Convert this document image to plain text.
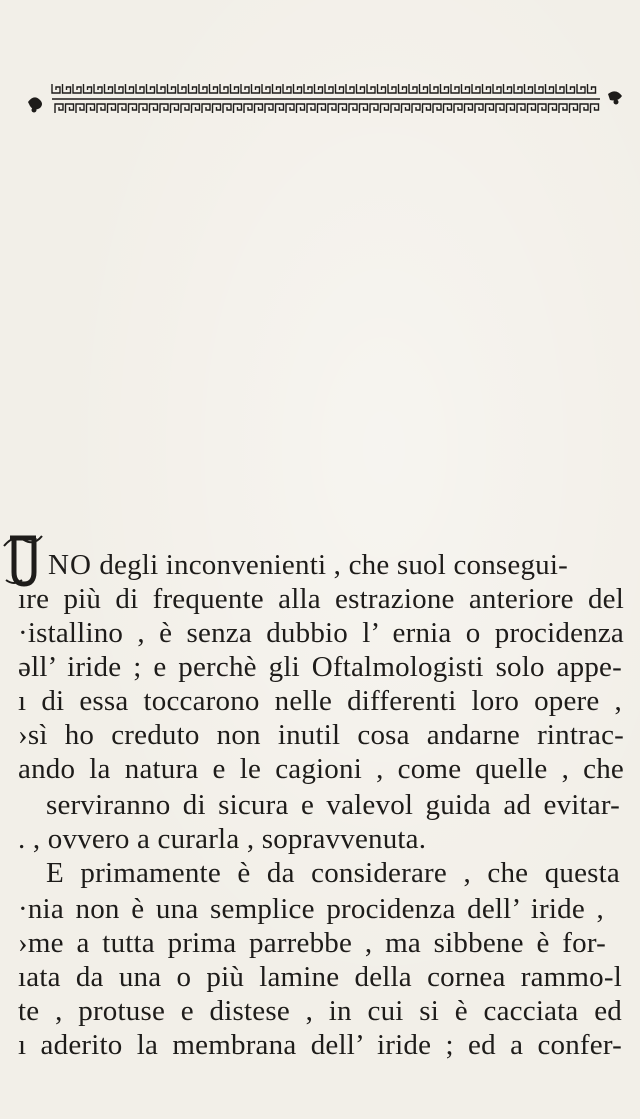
NO degli inconvenienti , che suol consegui-
ıre più di frequente alla estrazione anteriore del
·istallino , è senza dubbio l’ ernia o procidenza
əll’ iride ; e perchè gli Oftalmologisti solo appe-
ı di essa toccarono nelle differenti loro opere ,
›sì ho creduto non inutil cosa andarne rintrac-
ando la natura e le cagioni , come quelle , che
serviranno di sicura e valevol guida ad evitar-
. , ovvero a curarla , sopravvenuta.
E primamente è da considerare , che questa
·nia non è una semplice procidenza dell’ iride ,
›me a tutta prima parrebbe , ma sibbene è for-
ıata da una o più lamine della cornea rammo-l
te , protuse e distese , in cui si è cacciata ed
ı aderito la membrana dell’ iride ; ed a confer-
